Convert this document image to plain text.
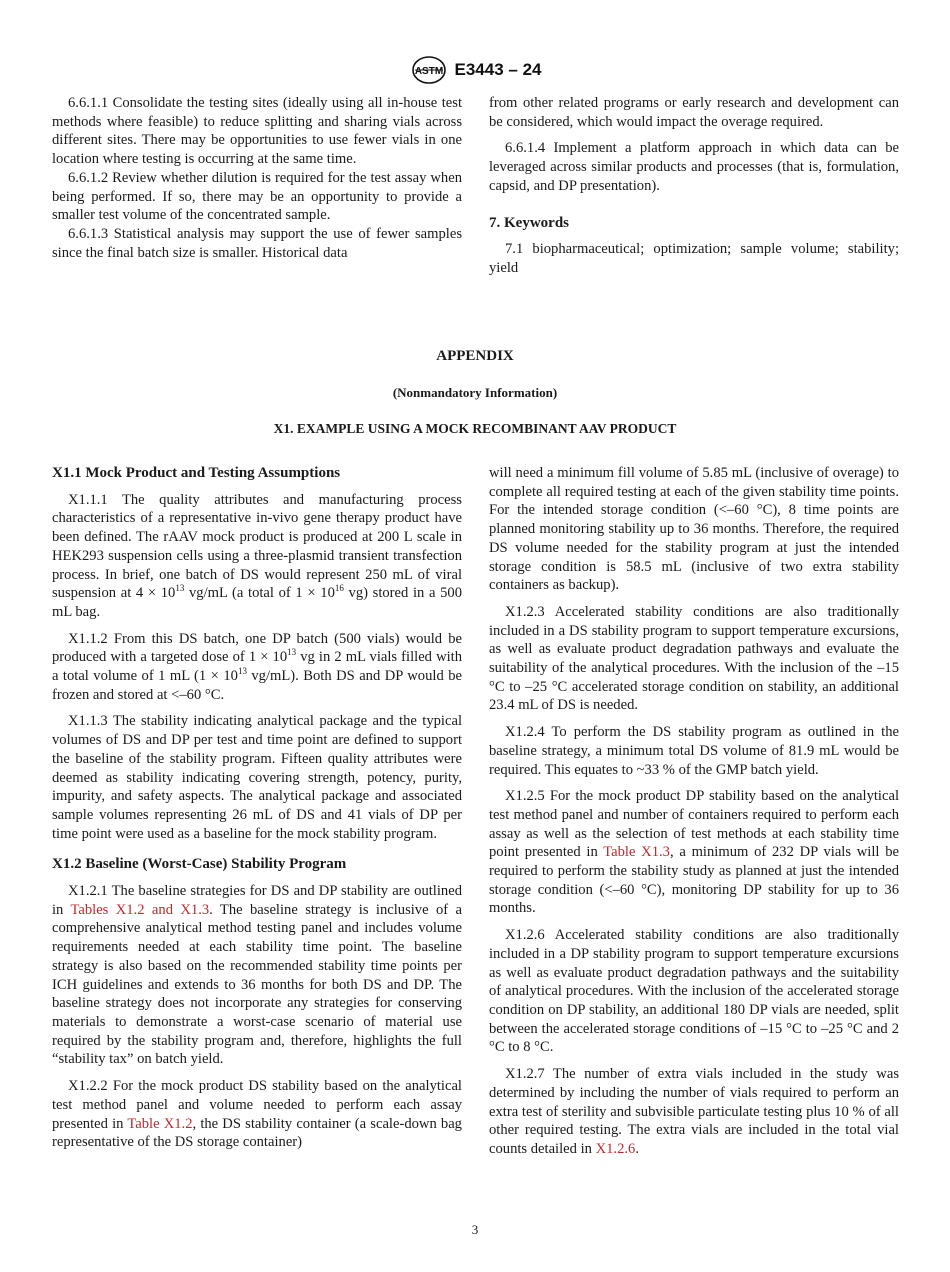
ASTM E3443 – 24

6.6.1.1 Consolidate the testing sites (ideally using all in-house test methods where feasible) to reduce splitting and sharing vials across different sites. There may be opportunities to use fewer vials in one location where testing is occurring at the same time.

6.6.1.2 Review whether dilution is required for the test assay when being performed. If so, there may be an opportunity to provide a smaller test volume of the concentrated sample.

6.6.1.3 Statistical analysis may support the use of fewer samples since the final batch size is smaller. Historical data

from other related programs or early research and development can be considered, which would impact the overage required.

6.6.1.4 Implement a platform approach in which data can be leveraged across similar products and processes (that is, formulation, capsid, and DP presentation).

7. Keywords

7.1 biopharmaceutical; optimization; sample volume; stability; yield

APPENDIX
(Nonmandatory Information)
X1. EXAMPLE USING A MOCK RECOMBINANT AAV PRODUCT

X1.1 Mock Product and Testing Assumptions

X1.1.1 The quality attributes and manufacturing process characteristics of a representative in-vivo gene therapy product have been defined. The rAAV mock product is produced at 200 L scale in HEK293 suspension cells using a three-plasmid transient transfection process. In brief, one batch of DS would represent 250 mL of viral suspension at $4 \times 10^{13}$ vg/mL (a total of $1 \times 10^{16}$ vg) stored in a 500 mL bag.

X1.1.2 From this DS batch, one DP batch (500 vials) would be produced with a targeted dose of $1 \times 10^{13}$ vg in 2 mL vials filled with a total volume of 1 mL ($1 \times 10^{13}$ vg/mL). Both DS and DP would be frozen and stored at <–60 °C.

X1.1.3 The stability indicating analytical package and the typical volumes of DS and DP per test and time point are defined to support the baseline of the stability program. Fifteen quality attributes were deemed as stability indicating covering strength, potency, purity, impurity, and safety aspects. The analytical package and associated sample volumes representing 26 mL of DS and 41 vials of DP per time point were used as a baseline for the mock stability program.

X1.2 Baseline (Worst-Case) Stability Program

X1.2.1 The baseline strategies for DS and DP stability are outlined in Tables X1.2 and X1.3. The baseline strategy is inclusive of a comprehensive analytical method testing panel and includes volume requirements needed at each stability time point. The baseline strategy is also based on the recommended stability time points per ICH guidelines and extends to 36 months for both DS and DP. The baseline strategy does not incorporate any strategies for conserving materials to demonstrate a worst-case scenario of material use required by the stability program and, therefore, highlights the full “stability tax” on batch yield.

X1.2.2 For the mock product DS stability based on the analytical test method panel and volume needed to perform each assay presented in Table X1.2, the DS stability container (a scale-down bag representative of the DS storage container)

will need a minimum fill volume of 5.85 mL (inclusive of overage) to complete all required testing at each of the given stability time points. For the intended storage condition (<–60 °C), 8 time points are planned monitoring stability up to 36 months. Therefore, the required DS volume needed for the stability program at just the intended storage condition is 58.5 mL (inclusive of two extra stability containers as backup).

X1.2.3 Accelerated stability conditions are also traditionally included in a DS stability program to support temperature excursions, as well as evaluate product degradation pathways and evaluate the suitability of the analytical procedures. With the inclusion of the –15 °C to –25 °C accelerated storage condition on stability, an additional 23.4 mL of DS is needed.

X1.2.4 To perform the DS stability program as outlined in the baseline strategy, a minimum total DS volume of 81.9 mL would be required. This equates to ~33 % of the GMP batch yield.

X1.2.5 For the mock product DP stability based on the analytical test method panel and number of containers required to perform each assay as well as the selection of test methods at each stability time point presented in Table X1.3, a minimum of 232 DP vials will be required to perform the stability study as planned at just the intended storage condition (<–60 °C), monitoring DP stability for up to 36 months.

X1.2.6 Accelerated stability conditions are also traditionally included in a DP stability program to support temperature excursions as well as evaluate product degradation pathways and the suitability of analytical procedures. With the inclusion of the accelerated storage condition on DP stability, an additional 180 DP vials are needed, split between the accelerated storage conditions of –15 °C to –25 °C and 2 °C to 8 °C.

X1.2.7 The number of extra vials included in the study was determined by including the number of vials required to perform an extra test of sterility and subvisible particulate testing plus 10 % of all other required testing. The extra vials are included in the total vial counts detailed in X1.2.6.

3
